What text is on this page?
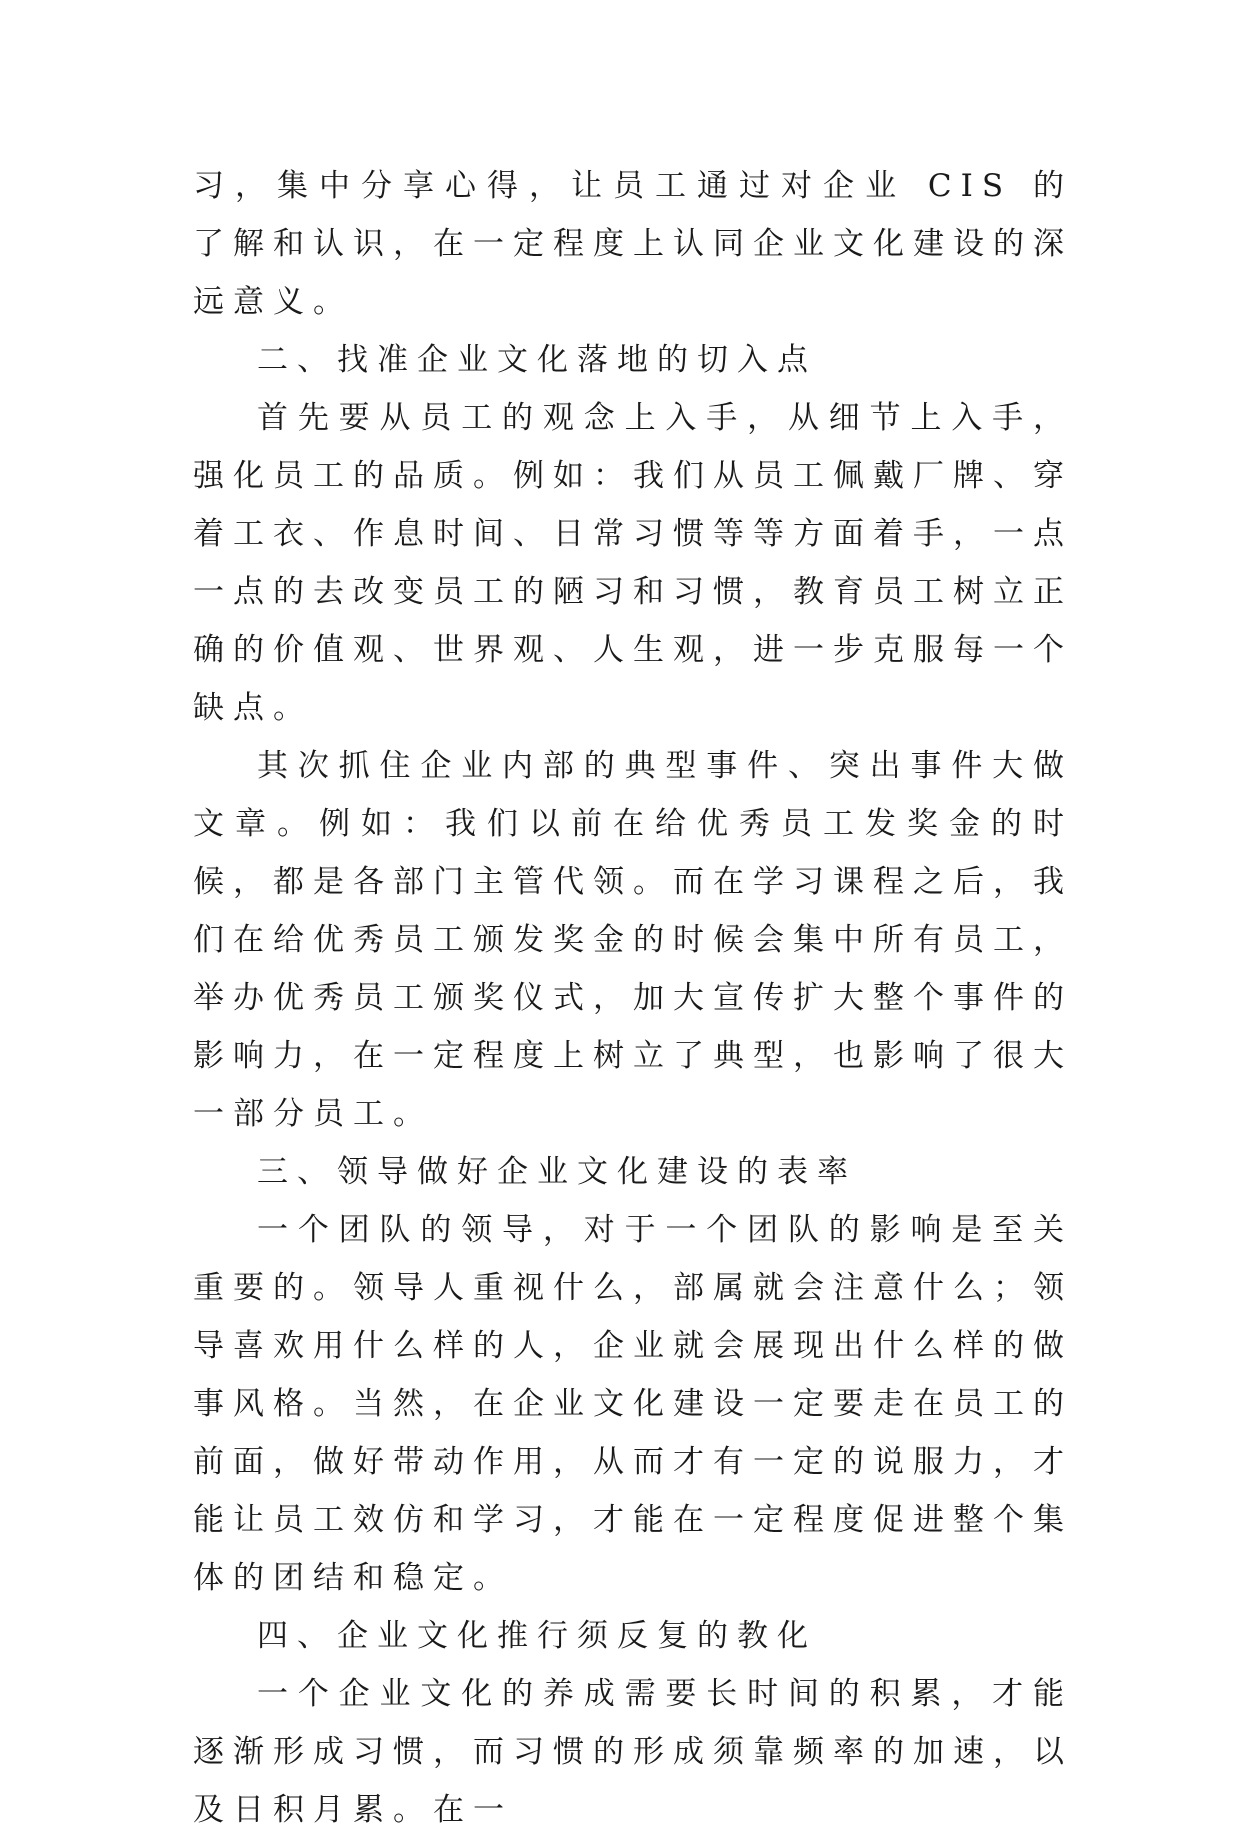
习，集中分享心得，让员工通过对企业 CIS 的了解和认识，在一定程度上认同企业文化建设的深远意义。

二、找准企业文化落地的切入点

首先要从员工的观念上入手，从细节上入手，强化员工的品质。例如：我们从员工佩戴厂牌、穿着工衣、作息时间、日常习惯等等方面着手，一点一点的去改变员工的陋习和习惯，教育员工树立正确的价值观、世界观、人生观，进一步克服每一个缺点。

其次抓住企业内部的典型事件、突出事件大做文章。例如：我们以前在给优秀员工发奖金的时候，都是各部门主管代领。而在学习课程之后，我们在给优秀员工颁发奖金的时候会集中所有员工，举办优秀员工颁奖仪式，加大宣传扩大整个事件的影响力，在一定程度上树立了典型，也影响了很大一部分员工。

三、领导做好企业文化建设的表率

一个团队的领导，对于一个团队的影响是至关重要的。领导人重视什么，部属就会注意什么；领导喜欢用什么样的人，企业就会展现出什么样的做事风格。当然，在企业文化建设一定要走在员工的前面，做好带动作用，从而才有一定的说服力，才能让员工效仿和学习，才能在一定程度促进整个集体的团结和稳定。

四、企业文化推行须反复的教化

一个企业文化的养成需要长时间的积累，才能逐渐形成习惯，而习惯的形成须靠频率的加速，以及日积月累。在一
